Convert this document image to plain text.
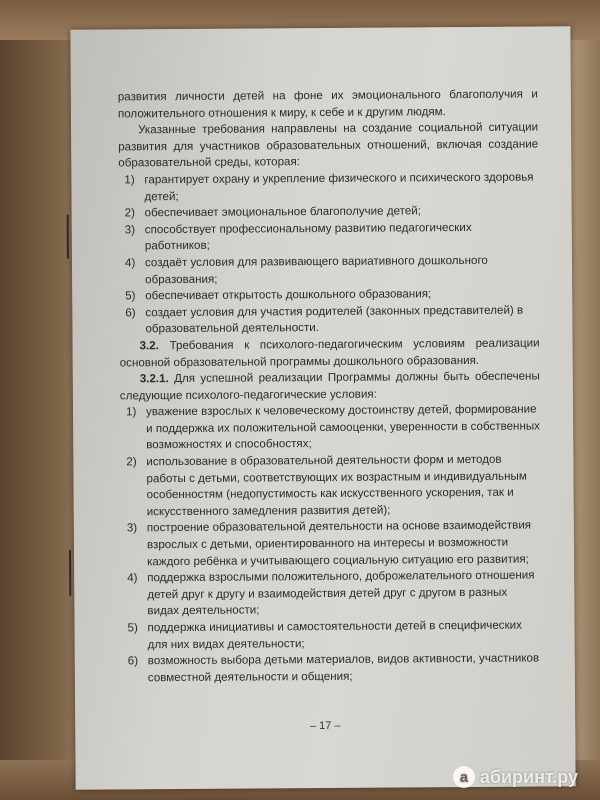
развития личности детей на фоне их эмоционального благополучия и положительного отношения к миру, к себе и к другим людям.

Указанные требования направлены на создание социальной ситуации развития для участников образовательных отношений, включая создание образовательной среды, которая:

1) гарантирует охрану и укрепление физического и психического здоровья детей;
2) обеспечивает эмоциональное благополучие детей;
3) способствует профессиональному развитию педагогических работников;
4) создаёт условия для развивающего вариативного дошкольного образования;
5) обеспечивает открытость дошкольного образования;
6) создает условия для участия родителей (законных представителей) в образовательной деятельности.

3.2. Требования к психолого-педагогическим условиям реализации основной образовательной программы дошкольного образования.

3.2.1. Для успешной реализации Программы должны быть обеспечены следующие психолого-педагогические условия:

1) уважение взрослых к человеческому достоинству детей, формирование и поддержка их положительной самооценки, уверенности в собственных возможностях и способностях;
2) использование в образовательной деятельности форм и методов работы с детьми, соответствующих их возрастным и индивидуальным особенностям (недопустимость как искусственного ускорения, так и искусственного замедления развития детей);
3) построение образовательной деятельности на основе взаимодействия взрослых с детьми, ориентированного на интересы и возможности каждого ребёнка и учитывающего социальную ситуацию его развития;
4) поддержка взрослыми положительного, доброжелательного отношения детей друг к другу и взаимодействия детей друг с другом в разных видах деятельности;
5) поддержка инициативы и самостоятельности детей в специфических для них видах деятельности;
6) возможность выбора детьми материалов, видов активности, участников совместной деятельности и общения;
– 17 –
a абиринт.ру
